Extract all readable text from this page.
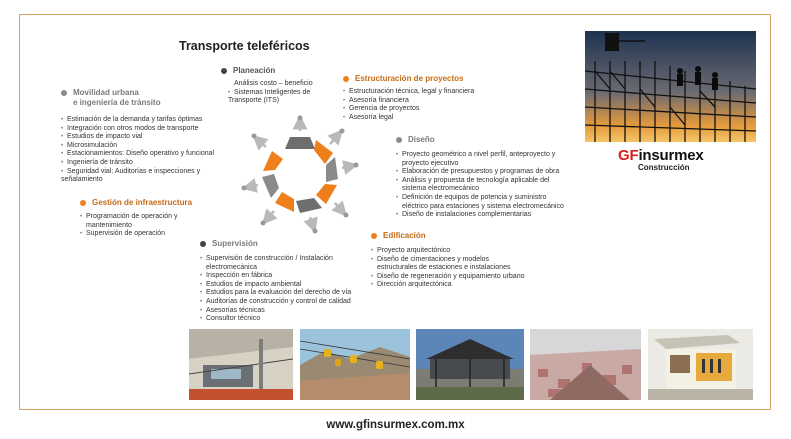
Transporte teleféricos
Planeación
Análisis costo – beneficio
• Sistemas Inteligentes de
Transporte (ITS)
Movilidad urbana
e ingeniería de tránsito
• Estimación de la demanda y tarifas óptimas
• Integración con otros modos de transporte
• Estudios de impacto vial
• Microsimulación
• Estacionamientos: Diseño operativo y funcional
• Ingeniería de tránsito
• Seguridad vial: Auditorías e inspecciones y
señalamiento
Estructuración de proyectos
• Estructuración técnica, legal y financiera
• Asesoría financiera
• Gerencia de proyectos
• Asesoría legal
Diseño
• Proyecto geométrico a nivel perfil, anteproyecto y
proyecto ejecutivo
• Elaboración de presupuestos y programas de obra
• Análisis y propuesta de tecnología aplicable del
sistema electromecánico
• Definición de equipos de potencia y suministro
eléctrico para estaciones y sistema electromecánico
• Diseño de instalaciones complementarias
Gestión de infraestructura
• Programación de operación y
mantenimiento
• Supervisión de operación
Supervisión
• Supervisión de construcción / Instalación
electromecánica
• Inspección en fábrica
• Estudios de impacto ambiental
• Estudios para la evaluación del derecho de vía
• Auditorías de construcción y control de calidad
• Asesorías técnicas
• Consultor técnico
Edificación
• Proyecto arquitectónico
• Diseño de cimentaciones y modelos
estructurales de estaciones e instalaciones
• Diseño de regeneración y equipamiento urbano
• Dirección arquitectónica
GFinsurmex
Construcción
www.gfinsurmex.com.mx
